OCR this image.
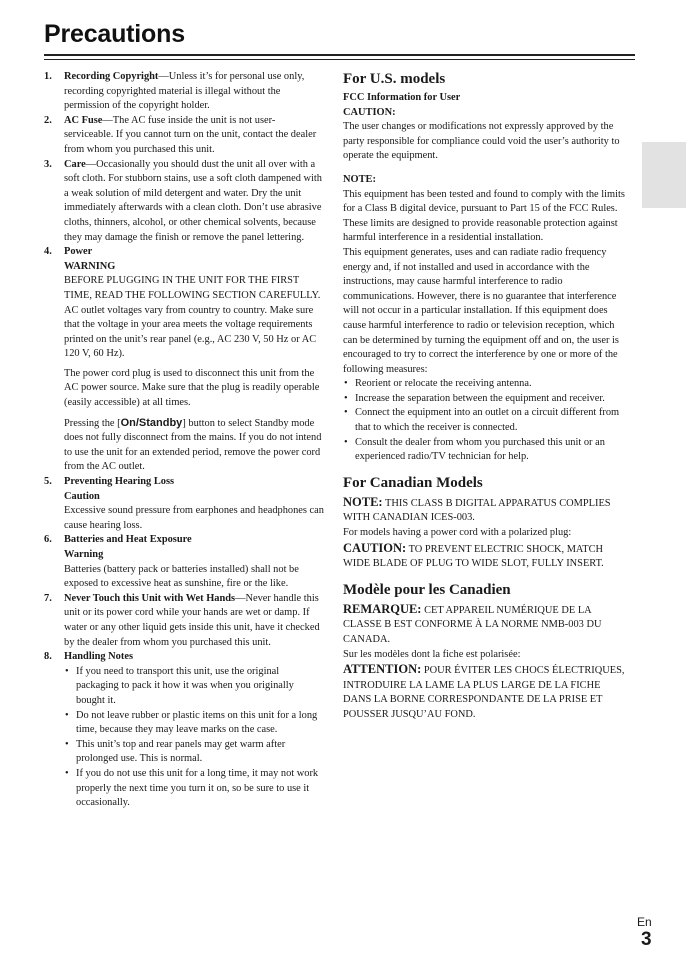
Precautions
1. Recording Copyright—Unless it’s for personal use only, recording copyrighted material is illegal without the permission of the copyright holder.
2. AC Fuse—The AC fuse inside the unit is not user-serviceable. If you cannot turn on the unit, contact the dealer from whom you purchased this unit.
3. Care—Occasionally you should dust the unit all over with a soft cloth. For stubborn stains, use a soft cloth dampened with a weak solution of mild detergent and water. Dry the unit immediately afterwards with a clean cloth. Don’t use abrasive cloths, thinners, alcohol, or other chemical solvents, because they may damage the finish or remove the panel lettering.
4. Power
WARNING

BEFORE PLUGGING IN THE UNIT FOR THE FIRST TIME, READ THE FOLLOWING SECTION CAREFULLY.

AC outlet voltages vary from country to country. Make sure that the voltage in your area meets the voltage requirements printed on the unit’s rear panel (e.g., AC 230 V, 50 Hz or AC 120 V, 60 Hz).

The power cord plug is used to disconnect this unit from the AC power source. Make sure that the plug is readily operable (easily accessible) at all times.

Pressing the [On/Standby] button to select Standby mode does not fully disconnect from the mains. If you do not intend to use the unit for an extended period, remove the power cord from the AC outlet.

5. Preventing Hearing Loss
Caution

Excessive sound pressure from earphones and headphones can cause hearing loss.

6. Batteries and Heat Exposure
Warning

Batteries (battery pack or batteries installed) shall not be exposed to excessive heat as sunshine, fire or the like.

7. Never Touch this Unit with Wet Hands—Never handle this unit or its power cord while your hands are wet or damp. If water or any other liquid gets inside this unit, have it checked by the dealer from whom you purchased this unit.
8. Handling Notes
• If you need to transport this unit, use the original packaging to pack it how it was when you originally bought it.
• Do not leave rubber or plastic items on this unit for a long time, because they may leave marks on the case.
• This unit’s top and rear panels may get warm after prolonged use. This is normal.
• If you do not use this unit for a long time, it may not work properly the next time you turn it on, so be sure to use it occasionally.
For U.S. models
FCC Information for User
CAUTION:

The user changes or modifications not expressly approved by the party responsible for compliance could void the user’s authority to operate the equipment.

NOTE:

This equipment has been tested and found to comply with the limits for a Class B digital device, pursuant to Part 15 of the FCC Rules. These limits are designed to provide reasonable protection against harmful interference in a residential installation.

This equipment generates, uses and can radiate radio frequency energy and, if not installed and used in accordance with the instructions, may cause harmful interference to radio communications. However, there is no guarantee that interference will not occur in a particular installation. If this equipment does cause harmful interference to radio or television reception, which can be determined by turning the equipment off and on, the user is encouraged to try to correct the interference by one or more of the following measures:

• Reorient or relocate the receiving antenna.
• Increase the separation between the equipment and receiver.
• Connect the equipment into an outlet on a circuit different from that to which the receiver is connected.
• Consult the dealer from whom you purchased this unit or an experienced radio/TV technician for help.
For Canadian Models

NOTE: THIS CLASS B DIGITAL APPARATUS COMPLIES WITH CANADIAN ICES-003.

For models having a power cord with a polarized plug:

CAUTION: TO PREVENT ELECTRIC SHOCK, MATCH WIDE BLADE OF PLUG TO WIDE SLOT, FULLY INSERT.

Modèle pour les Canadien

REMARQUE: CET APPAREIL NUMÉRIQUE DE LA CLASSE B EST CONFORME À LA NORME NMB-003 DU CANADA.

Sur les modèles dont la fiche est polarisée:

ATTENTION: POUR ÉVITER LES CHOCS ÉLECTRIQUES, INTRODUIRE LA LAME LA PLUS LARGE DE LA FICHE DANS LA BORNE CORRESPONDANTE DE LA PRISE ET POUSSER JUSQU’AU FOND.

En
3
